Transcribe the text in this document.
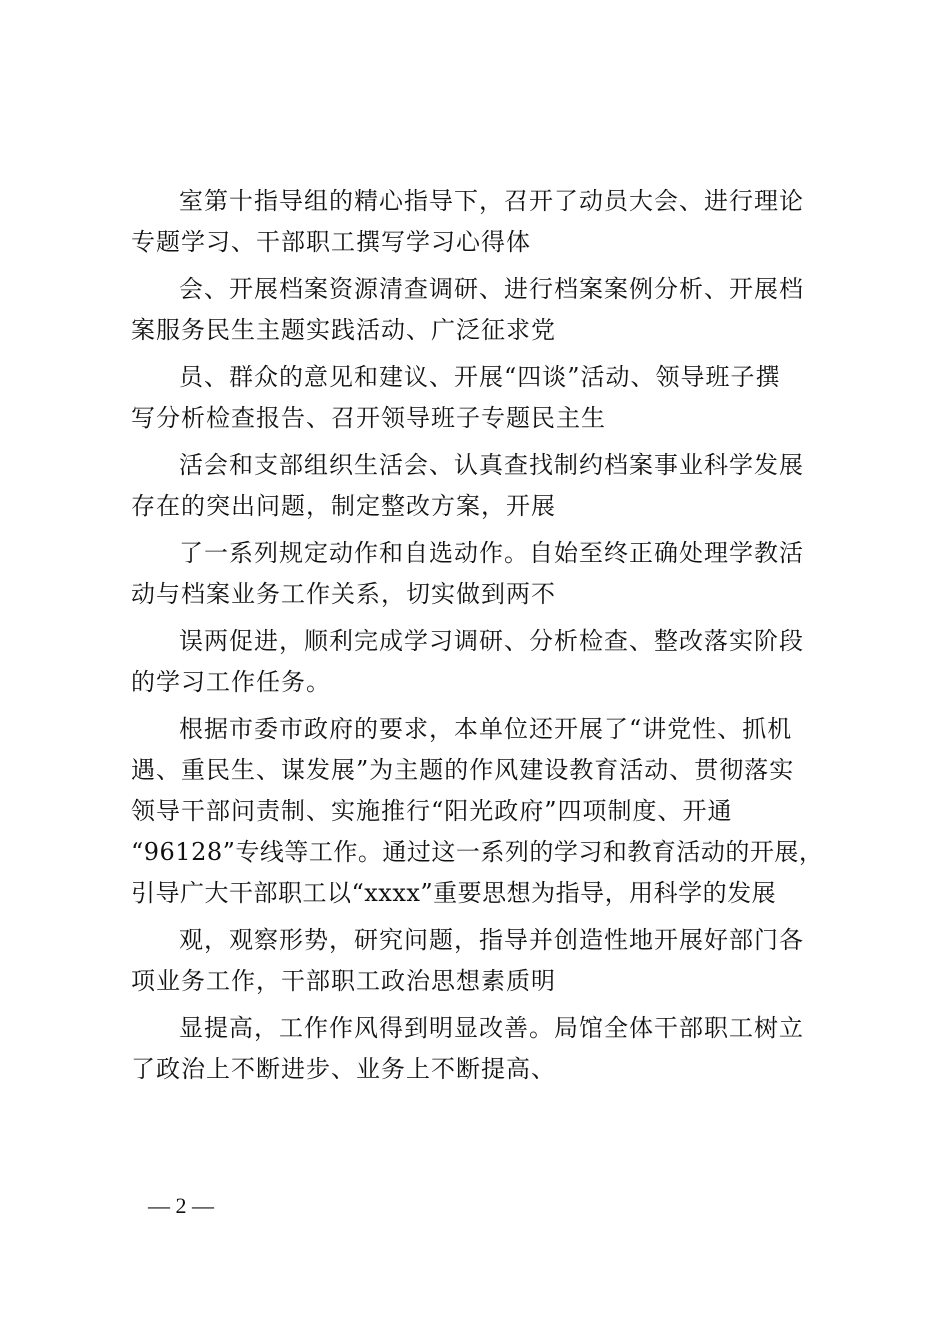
室第十指导组的精心指导下，召开了动员大会、进行理论
专题学习、干部职工撰写学习心得体
会、开展档案资源清查调研、进行档案案例分析、开展档
案服务民生主题实践活动、广泛征求党
员、群众的意见和建议、开展“四谈”活动、领导班子撰
写分析检查报告、召开领导班子专题民主生
活会和支部组织生活会、认真查找制约档案事业科学发展
存在的突出问题，制定整改方案，开展
了一系列规定动作和自选动作。自始至终正确处理学教活
动与档案业务工作关系，切实做到两不
误两促进，顺利完成学习调研、分析检查、整改落实阶段
的学习工作任务。
根据市委市政府的要求，本单位还开展了“讲党性、抓机
遇、重民生、谋发展”为主题的作风建设教育活动、贯彻落实
领导干部问责制、实施推行“阳光政府”四项制度、开通
“96128”专线等工作。通过这一系列的学习和教育活动的开展，
引导广大干部职工以“xxxx”重要思想为指导，用科学的发展
观，观察形势，研究问题，指导并创造性地开展好部门各
项业务工作，干部职工政治思想素质明
显提高，工作作风得到明显改善。局馆全体干部职工树立
了政治上不断进步、业务上不断提高、
— 2 —
